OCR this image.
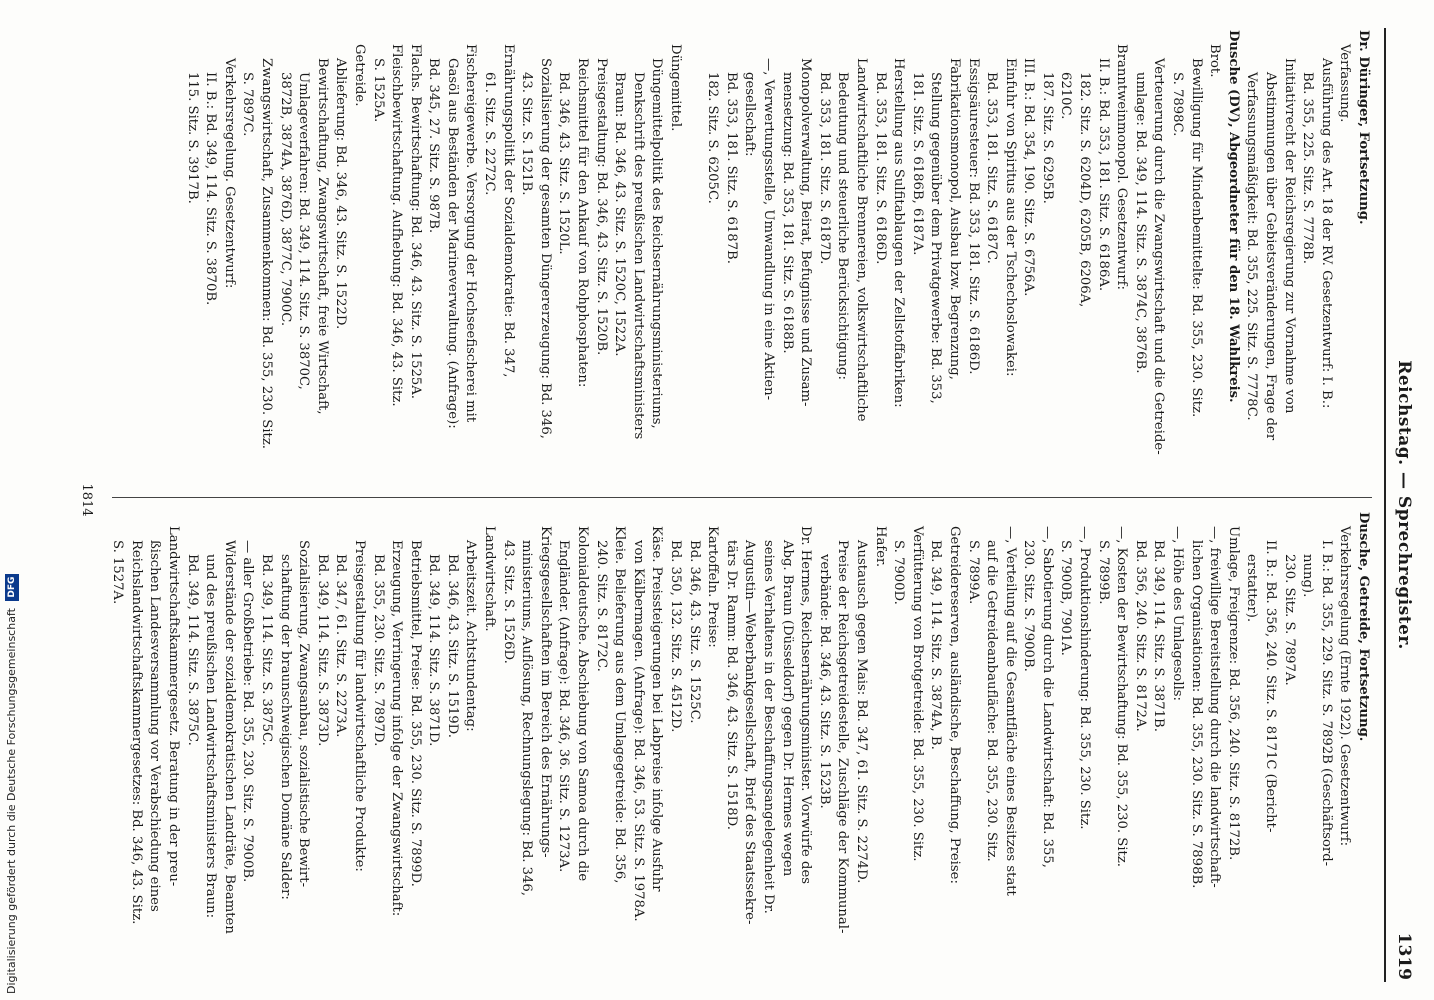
Reichstag. — Sprechregister.
1319
Dr. Düringer, Fortsetzung.
Verfassung.
Ausführung des Art. 18 der RV. Gesetzentwurf: I. B.:
Bd. 355, 225. Sitz. S. 7778B.
Initiativrecht der Reichsregierung zur Vornahme von
Abstimmungen über Gebietsveränderungen, Frage der
Verfassungsmäßigkeit: Bd. 355, 225. Sitz. S. 7778C.
Dusche (DV), Abgeordneter für den 18. Wahlkreis.
Brot.
Bewilligung für Mindenbemittelte: Bd. 355, 230. Sitz.
S. 7898C.
Verteuerung durch die Zwangswirtschaft und die Getreide-
umlage: Bd. 349, 114. Sitz. S. 3874C, 3876B.
Branntweinmonopol. Gesetzentwurf:
II. B.: Bd. 353, 181. Sitz. S. 6186A.
182. Sitz. S. 6204D, 6205B, 6206A,
6210C.
187. Sitz. S. 6295B.
III. B.: Bd. 354, 190. Sitz. S. 6756A.
Einfuhr von Spiritus aus der Tschechoslowakei:
Bd. 353, 181. Sitz. S. 6187C.
Essigsäuresteuer: Bd. 353, 181. Sitz. S. 6186D.
Fabrikationsmonopol, Ausbau bzw. Begrenzung,
Stellung gegenüber dem Privatgewerbe: Bd. 353,
181. Sitz. S. 6186B, 6187A.
Herstellung aus Sulfitablaugen der Zellstoffabriken:
Bd. 353, 181. Sitz. S. 6186D.
Landwirtschaftliche Brennereien, volkswirtschaftliche
Bedeutung und steuerliche Berücksichtigung:
Bd. 353, 181. Sitz. S. 6187D.
Monopolverwaltung, Beirat, Befugnisse und Zusam-
mensetzung: Bd. 353, 181. Sitz. S. 6188B.
—, Verwertungsstelle, Umwandlung in eine Aktien-
gesellschaft:
Bd. 353, 181. Sitz. S. 6187B.
182. Sitz. S. 6205C.

Düngemittel.
Düngemittelpolitik des Reichsernährungsministeriums,
Denkschrift des preußischen Landwirtschaftsministers
Braun: Bd. 346, 43. Sitz. S. 1520C, 1522A.
Preisgestaltung: Bd. 346, 43. Sitz. S. 1520B.
Reichsmittel für den Ankauf von Rohphosphaten:
Bd. 346, 43. Sitz. S. 1520L.
Sozialisierung der gesamten Düngererzeugung: Bd. 346,
43. Sitz. S. 1521B.
Ernährungspolitik der Sozialdemokratie: Bd. 347,
61. Sitz. S. 2272C.
Fischereigewerbe. Versorgung der Hochseefischerei mit
Gasöl aus Beständen der Marineverwaltung. (Anfrage):
Bd. 345, 27. Sitz. S. 987B.
Flachs. Bewirtschaftung: Bd. 346, 43. Sitz. S. 1525A.
Fleischbewirtschaftung. Aufhebung: Bd. 346, 43. Sitz.
S. 1525A.
Getreide.
Ablieferung: Bd. 346, 43. Sitz. S. 1522D.
Bewirtschaftung, Zwangswirtschaft, freie Wirtschaft,
Umlageverfahren: Bd. 349, 114. Sitz. S. 3870C,
3872B, 3874A, 3876D, 3877C, 7900C.
Zwangswirtschaft, Zusammenkommen: Bd. 355, 230. Sitz.
S. 7897C.
Verkehrsregelung. Gesetzentwurf:
II. B.: Bd. 349, 114. Sitz. S. 3870B.
115. Sitz. S. 3917B.
Dusche, Getreide, Fortsetzung.
Verkehrsregelung (Ernte 1922). Gesetzentwurf:
I. B.: Bd. 355, 229. Sitz. S. 7892B (Geschäftsord-
nung).
230. Sitz. S. 7897A.
II. B.: Bd. 356, 240. Sitz. S. 8171C (Bericht-
erstatter).
Umlage, Freigrenze: Bd. 356, 240. Sitz. S. 8172B.
—, freiwillige Bereitstellung durch die landwirtschaft-
lichen Organisationen: Bd. 355, 230. Sitz. S. 7898B.
—, Höhe des Umlagesolls:
Bd. 349, 114. Sitz. S. 3871B.
Bd. 356, 240. Sitz. S. 8172A.
—, Kosten der Bewirtschaftung: Bd. 355, 230. Sitz.
S. 7899B.
—, Produktionshinderung: Bd. 355, 230. Sitz.
S. 7900B, 7901A.
—, Sabotierung durch die Landwirtschaft: Bd. 355,
230. Sitz. S. 7900B.
—, Verteilung auf die Gesamtfläche eines Besitzes statt
auf die Getreideanbaufläche: Bd. 355, 230. Sitz.
S. 7899A.
Getreidereserven, ausländische, Beschaffung, Preise:
Bd. 349, 114. Sitz. S. 3874A, B.
Verfütterung von Brotgetreide: Bd. 355, 230. Sitz.
S. 7900D.
Hafer.
Austausch gegen Mais: Bd. 347, 61. Sitz. S. 2274D.
Preise der Reichsgetreidestelle, Zuschläge der Kommunal-
verbände: Bd. 346, 43. Sitz. S. 1523B.
Dr. Hermes, Reichsernährungsminister. Vorwürfe des
Abg. Braun (Düsseldorf) gegen Dr. Hermes wegen
seines Verhaltens in der Beschaffungsangelegenheit Dr.
Augustin—Weberbankgesellschaft, Brief des Staatssekre-
tärs Dr. Ramm: Bd. 346, 43. Sitz. S. 1518D.
Kartoffeln. Preise:
Bd. 346, 43. Sitz. S. 1525C.
Bd. 350, 132. Sitz. S. 4512D.
Käse. Preissteigerungen bei Labpreise infolge Ausfuhr
von Kälbermagen. (Anfrage): Bd. 346, 53. Sitz. S. 1978A.
Kleie. Belieferung aus dem Umlagegetreide: Bd. 356,
240. Sitz. S. 8172C.
Kolonialdeutsche. Abschiebung von Samoa durch die
Engländer. (Anfrage): Bd. 346, 36. Sitz. S. 1273A.
Kriegsgesellschaften im Bereich des Ernährungs-
ministeriums, Auflösung, Rechnungslegung: Bd. 346,
43. Sitz. S. 1526D.
Landwirtschaft.
Arbeitszeit. Achtstundentag:
Bd. 346, 43. Sitz. S. 1519D.
Bd. 349, 114. Sitz. S. 3871D.
Betriebsmittel, Preise: Bd. 355, 230. Sitz. S. 7899D.
Erzeugung, Verringerung infolge der Zwangswirtschaft:
Bd. 355, 230. Sitz. S. 7897D.
Preisgestaltung für landwirtschaftliche Produkte:
Bd. 347, 61. Sitz. S. 2273A.
Bd. 349, 114. Sitz. S. 3873D.
Sozialisierung, Zwangsanbau, sozialistische Bewirt-
schaftung der braunschweigischen Domäne Salder:
Bd. 349, 114. Sitz. S. 3875C.
— aller Großbetriebe: Bd. 355, 230. Sitz. S. 7900B.
Widerstände der sozialdemokratischen Landräte, Beamten
und des preußischen Landwirtschaftsministers Braun:
Bd. 349, 114. Sitz. S. 3875C.
Landwirtschaftskammergesetz. Beratung in der preu-
ßischen Landesversammlung vor Verabschiedung eines
Reichslandwirtschaftskammergesetzes: Bd. 346, 43. Sitz.
S. 1527A.
1814
Digitalisierung gefördert durch die Deutsche Forschungsgemeinschaft DFG
